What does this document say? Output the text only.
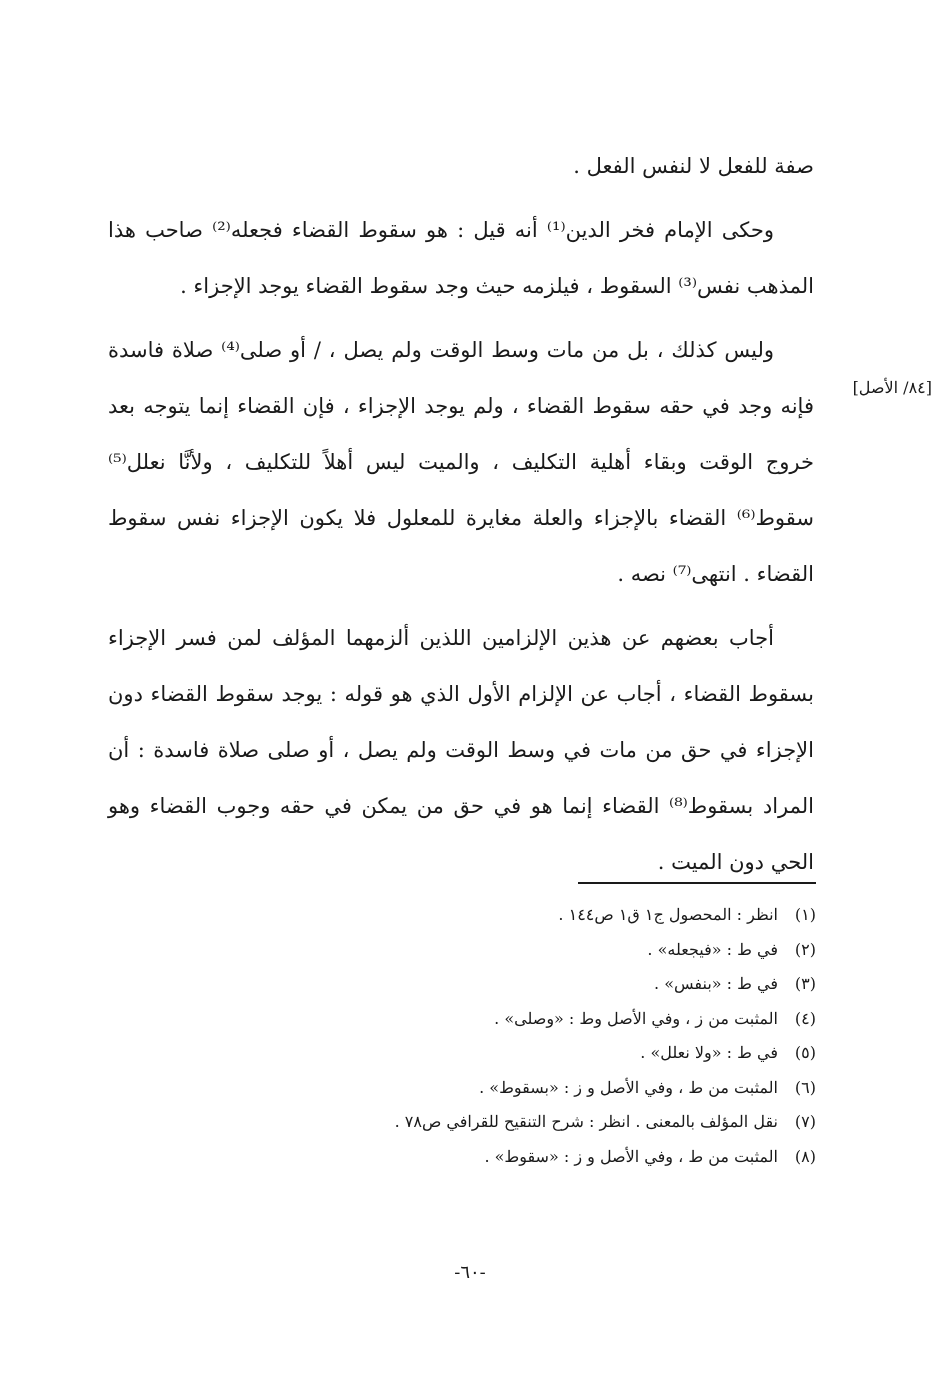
صفة للفعل لا لنفس الفعل .

وحكى الإمام فخر الدين⁽¹⁾ أنه قيل : هو سقوط القضاء فجعله⁽²⁾ صاحب هذا المذهب نفس⁽³⁾ السقوط ، فيلزمه حيث وجد سقوط القضاء يوجد الإجزاء .

وليس كذلك ، بل من مات وسط الوقت ولم يصل ، / أو صلى⁽⁴⁾ صلاة فاسدة فإنه وجد في حقه سقوط القضاء ، ولم يوجد الإجزاء ، فإن القضاء إنما يتوجه بعد خروج الوقت وبقاء أهلية التكليف ، والميت ليس أهلاً للتكليف ، ولأنَّا نعلل⁽⁵⁾ سقوط⁽⁶⁾ القضاء بالإجزاء والعلة مغايرة للمعلول فلا يكون الإجزاء نفس سقوط القضاء . انتهى⁽⁷⁾ نصه .

أجاب بعضهم عن هذين الإلزامين اللذين ألزمهما المؤلف لمن فسر الإجزاء بسقوط القضاء ، أجاب عن الإلزام الأول الذي هو قوله : يوجد سقوط القضاء دون الإجزاء في حق من مات في وسط الوقت ولم يصل ، أو صلى صلاة فاسدة : أن المراد بسقوط⁽⁸⁾ القضاء إنما هو في حق من يمكن في حقه وجوب القضاء وهو الحي دون الميت .

[٨٤/ الأصل]
(١)انظر : المحصول ج١ ق١ ص١٤٤ .
(٢)في ط : «فيجعله» .
(٣)في ط : «بنفس» .
(٤)المثبت من ز ، وفي الأصل وط : «وصلى» .
(٥)في ط : «ولا نعلل» .
(٦)المثبت من ط ، وفي الأصل و ز : «بسقوط» .
(٧)نقل المؤلف بالمعنى . انظر : شرح التنقيح للقرافي ص٧٨ .
(٨)المثبت من ط ، وفي الأصل و ز : «سقوط» .
-٦٠-
